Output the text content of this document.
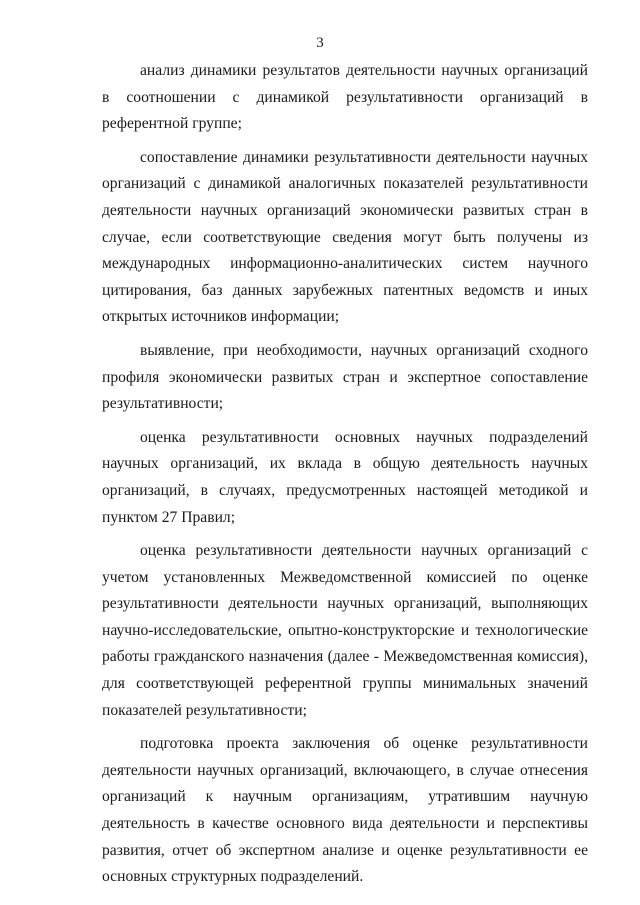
3

анализ динамики результатов деятельности научных организаций в соотношении с динамикой результативности организаций в референтной группе;

сопоставление динамики результативности деятельности научных организаций с динамикой аналогичных показателей результативности деятельности научных организаций экономически развитых стран в случае, если соответствующие сведения могут быть получены из международных информационно-аналитических систем научного цитирования, баз данных зарубежных патентных ведомств и иных открытых источников информации;

выявление, при необходимости, научных организаций сходного профиля экономически развитых стран и экспертное сопоставление результативности;

оценка результативности основных научных подразделений научных организаций, их вклада в общую деятельность научных организаций, в случаях, предусмотренных настоящей методикой и пунктом 27 Правил;

оценка результативности деятельности научных организаций с учетом установленных Межведомственной комиссией по оценке результативности деятельности научных организаций, выполняющих научно-исследовательские, опытно-конструкторские и технологические работы гражданского назначения (далее - Межведомственная комиссия), для соответствующей референтной группы минимальных значений показателей результативности;

подготовка проекта заключения об оценке результативности деятельности научных организаций, включающего, в случае отнесения организаций к научным организациям, утратившим научную деятельность в качестве основного вида деятельности и перспективы развития, отчет об экспертном анализе и оценке результативности ее основных структурных подразделений.
